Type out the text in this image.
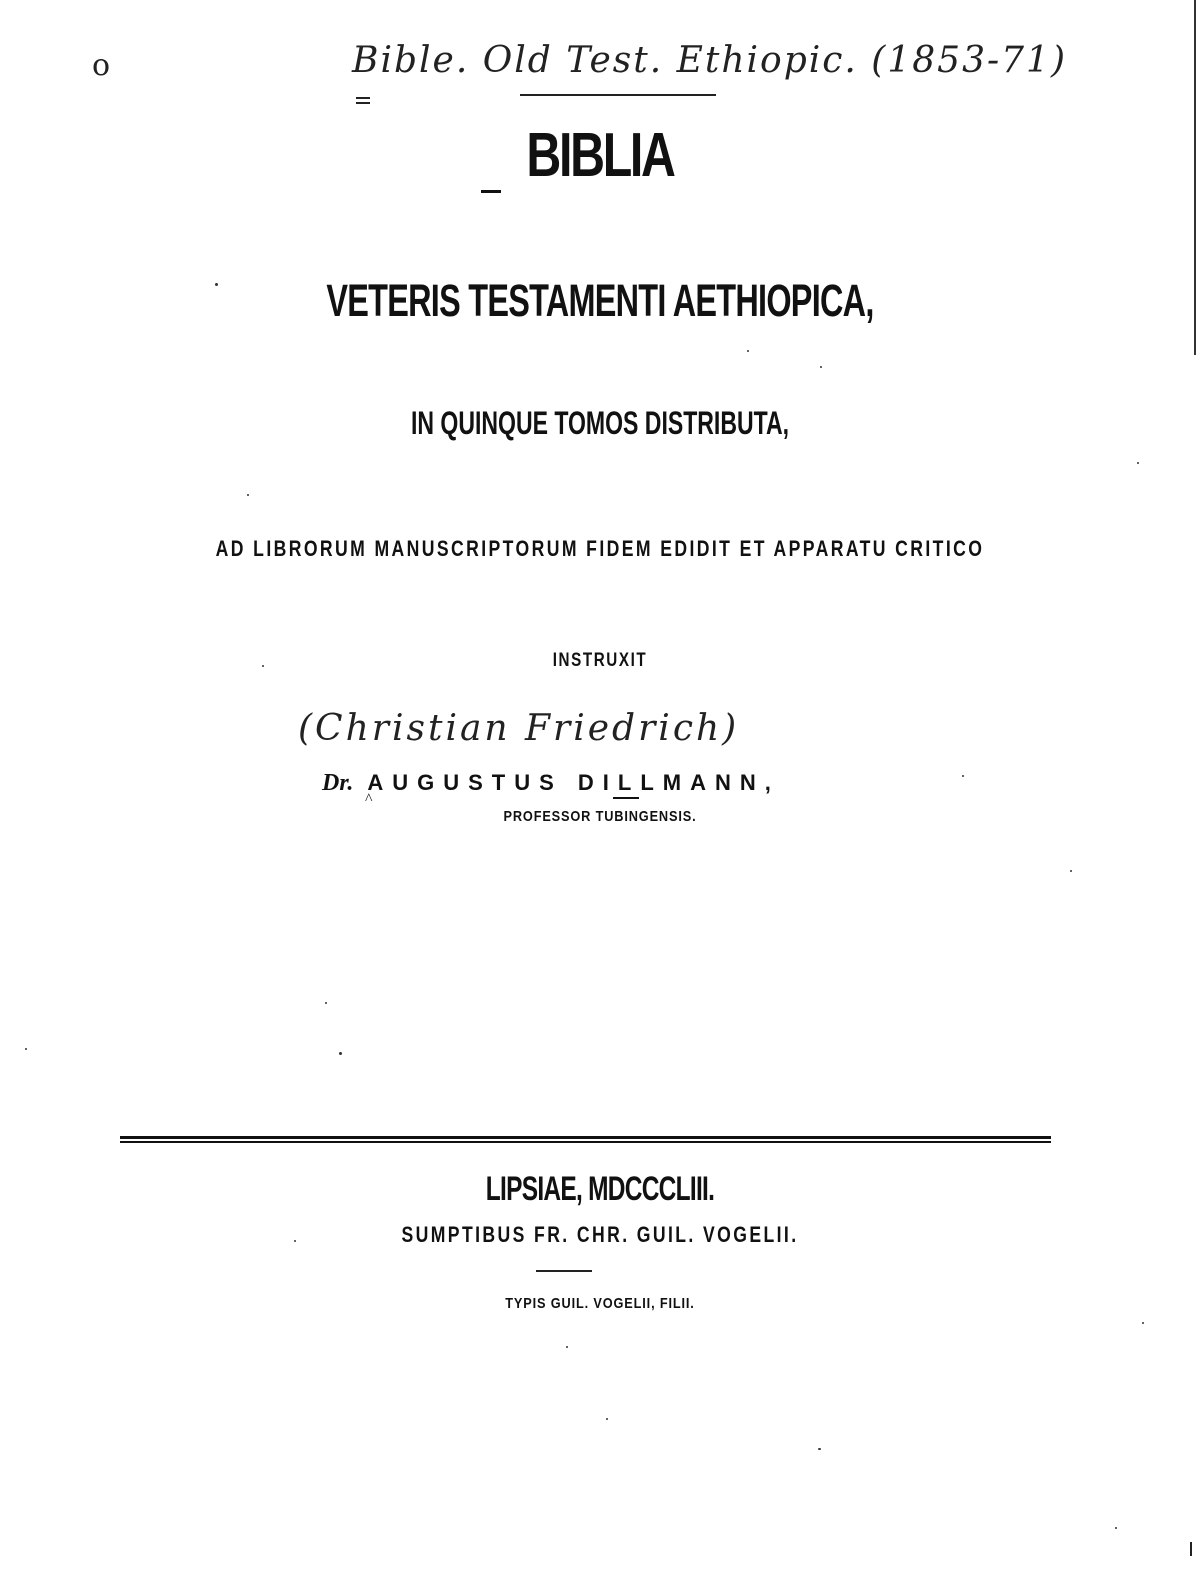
o	Bible. Old Test. Ethiopic. (1853-71)
BIBLIA
VETERIS TESTAMENTI AETHIOPICA,
IN QUINQUE TOMOS DISTRIBUTA,
AD LIBRORUM MANUSCRIPTORUM FIDEM EDIDIT ET APPARATU CRITICO
INSTRUXIT
(Christian Friedrich)
Dr. AUGUSTUS DILLMANN,
^
PROFESSOR TUBINGENSIS.
LIPSIAE, MDCCCLIII.
SUMPTIBUS FR. CHR. GUIL. VOGELII.
TYPIS GUIL. VOGELII, FILII.
